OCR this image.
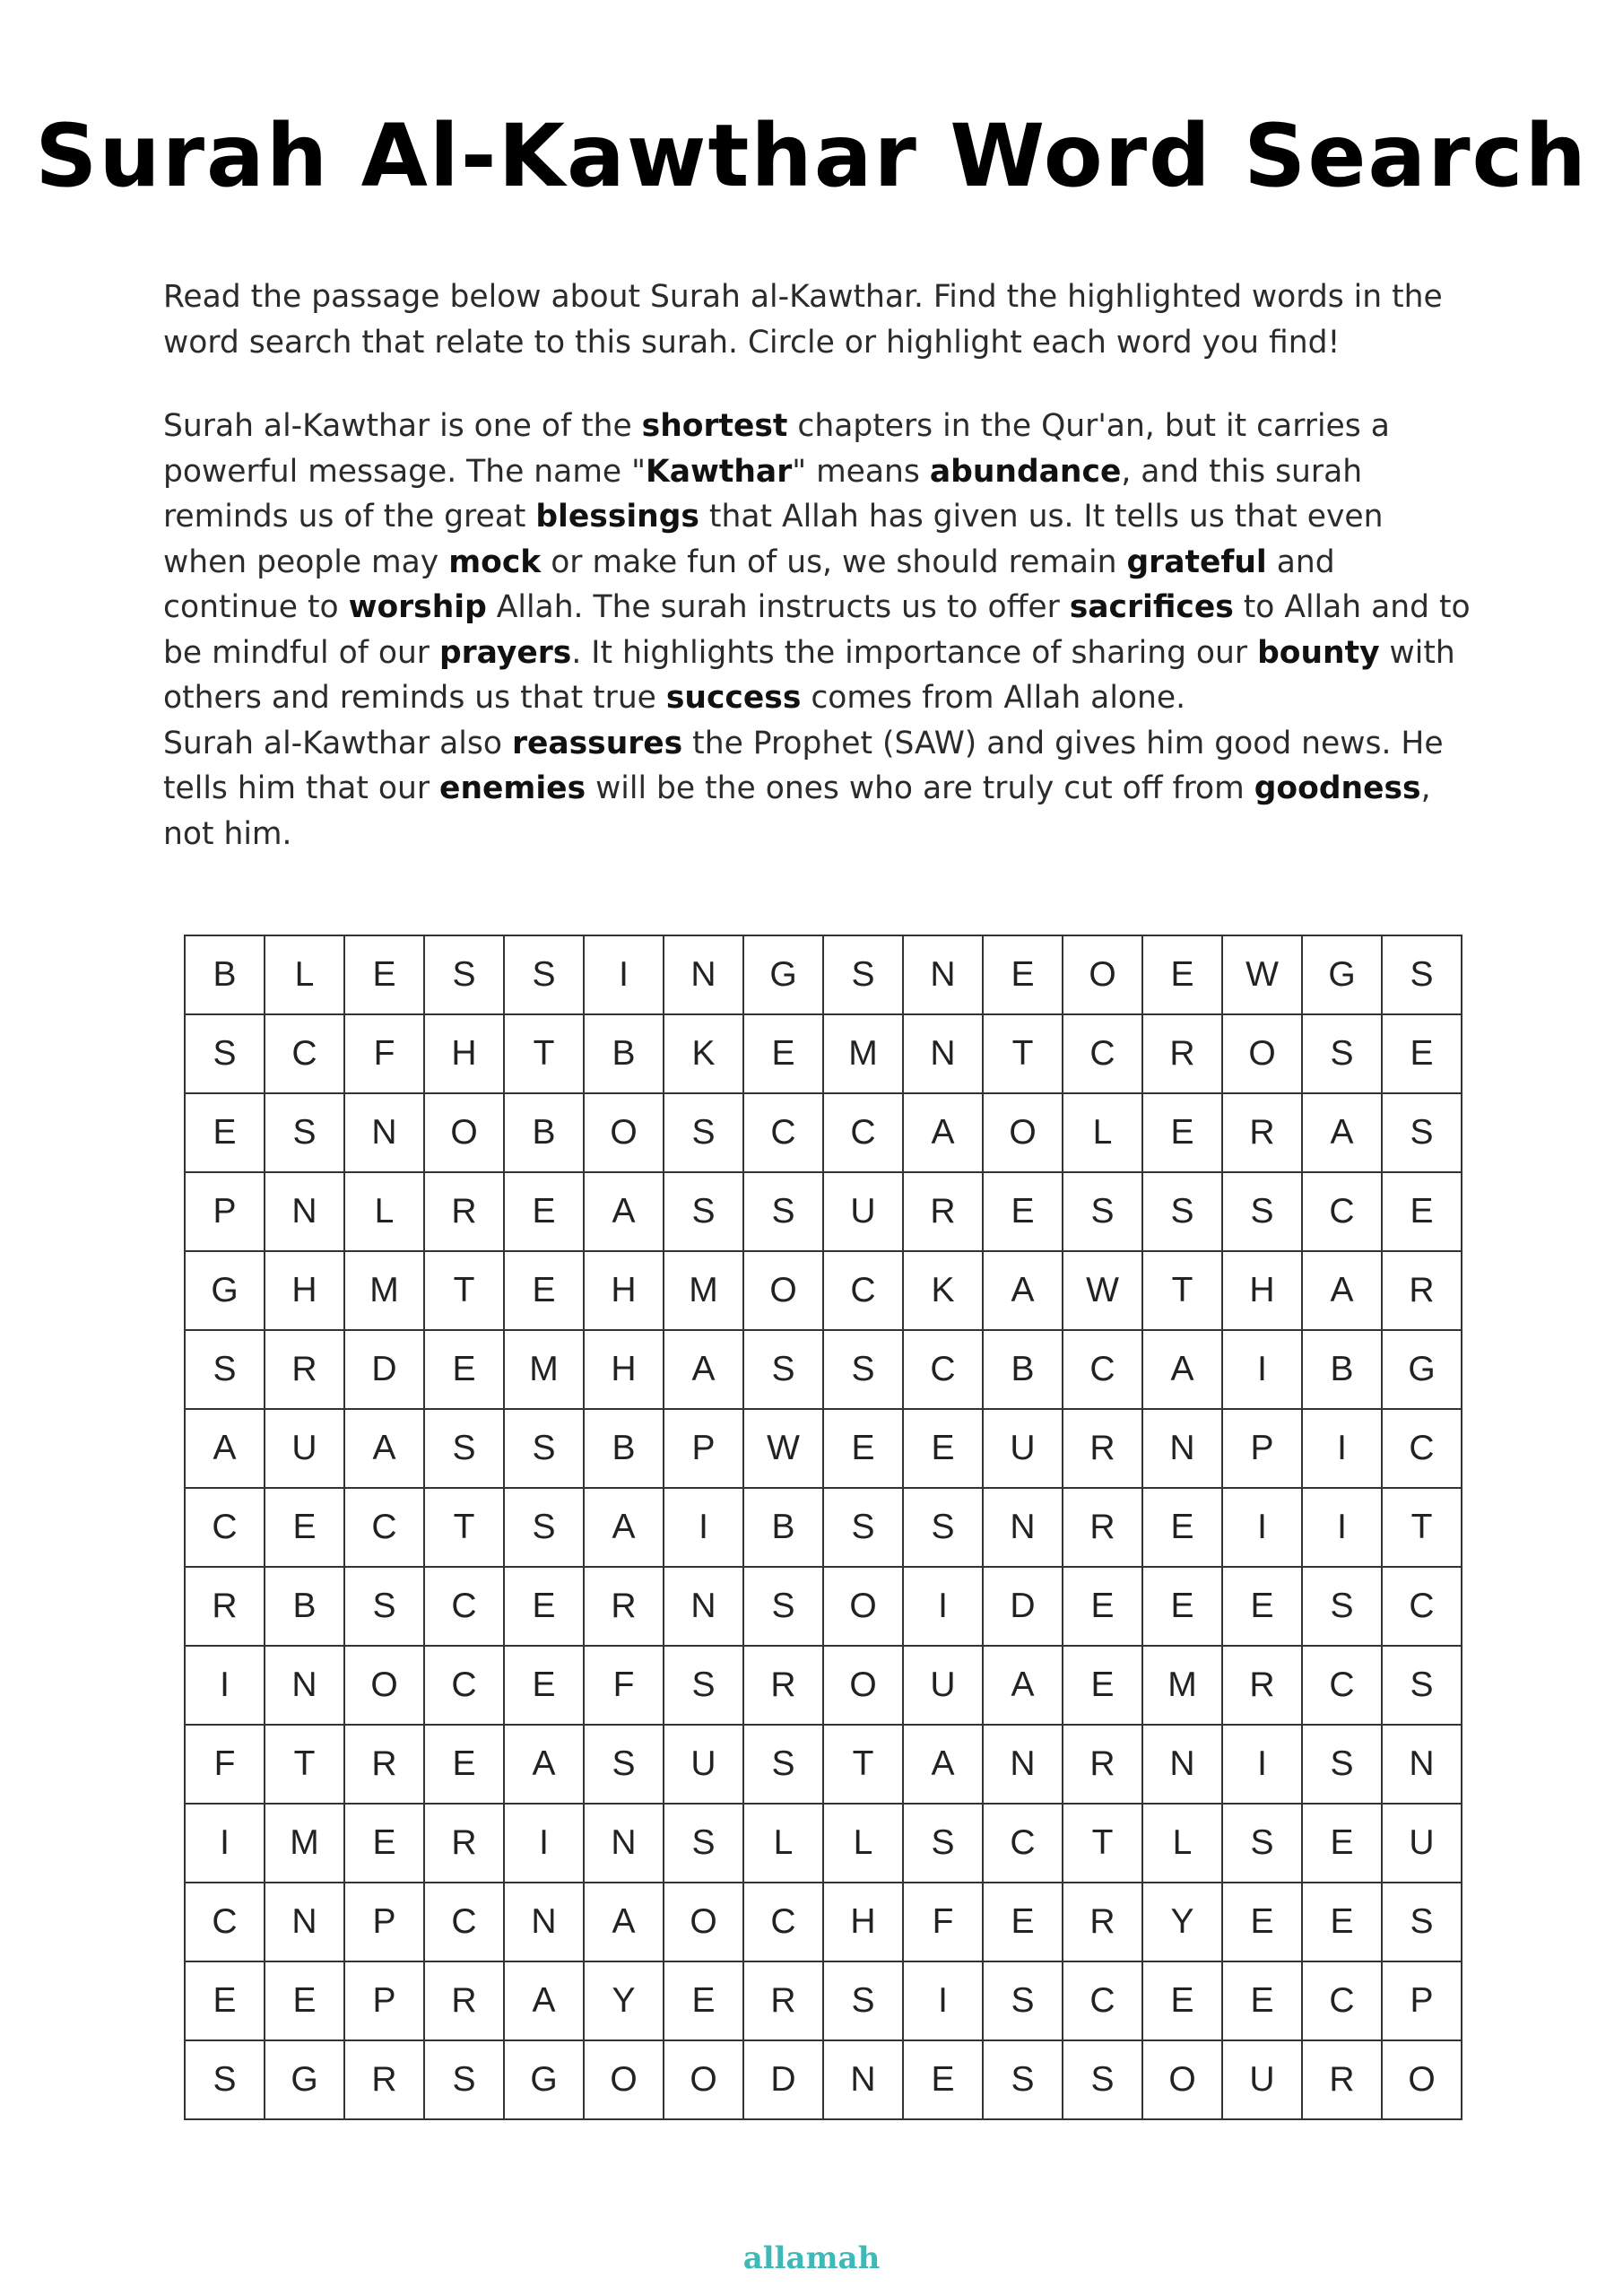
Surah Al-Kawthar Word Search
Read the passage below about Surah al-Kawthar. Find the highlighted words in the word search that relate to this surah. Circle or highlight each word you find!
Surah al-Kawthar is one of the shortest chapters in the Qur'an, but it carries a powerful message. The name "Kawthar" means abundance, and this surah reminds us of the great blessings that Allah has given us. It tells us that even when people may mock or make fun of us, we should remain grateful and continue to worship Allah. The surah instructs us to offer sacrifices to Allah and to be mindful of our prayers. It highlights the importance of sharing our bounty with others and reminds us that true success comes from Allah alone.
Surah al-Kawthar also reassures the Prophet (SAW) and gives him good news. He tells him that our enemies will be the ones who are truly cut off from goodness, not him.
B	L	E	S	S	I	N	G	S	N	E	O	E	W	G	S
S	C	F	H	T	B	K	E	M	N	T	C	R	O	S	E
E	S	N	O	B	O	S	C	C	A	O	L	E	R	A	S
P	N	L	R	E	A	S	S	U	R	E	S	S	S	C	E
G	H	M	T	E	H	M	O	C	K	A	W	T	H	A	R
S	R	D	E	M	H	A	S	S	C	B	C	A	I	B	G
A	U	A	S	S	B	P	W	E	E	U	R	N	P	I	C
C	E	C	T	S	A	I	B	S	S	N	R	E	I	I	T
R	B	S	C	E	R	N	S	O	I	D	E	E	E	S	C
I	N	O	C	E	F	S	R	O	U	A	E	M	R	C	S
F	T	R	E	A	S	U	S	T	A	N	R	N	I	S	N
I	M	E	R	I	N	S	L	L	S	C	T	L	S	E	U
C	N	P	C	N	A	O	C	H	F	E	R	Y	E	E	S
E	E	P	R	A	Y	E	R	S	I	S	C	E	E	C	P
S	G	R	S	G	O	O	D	N	E	S	S	O	U	R	O
allamah
